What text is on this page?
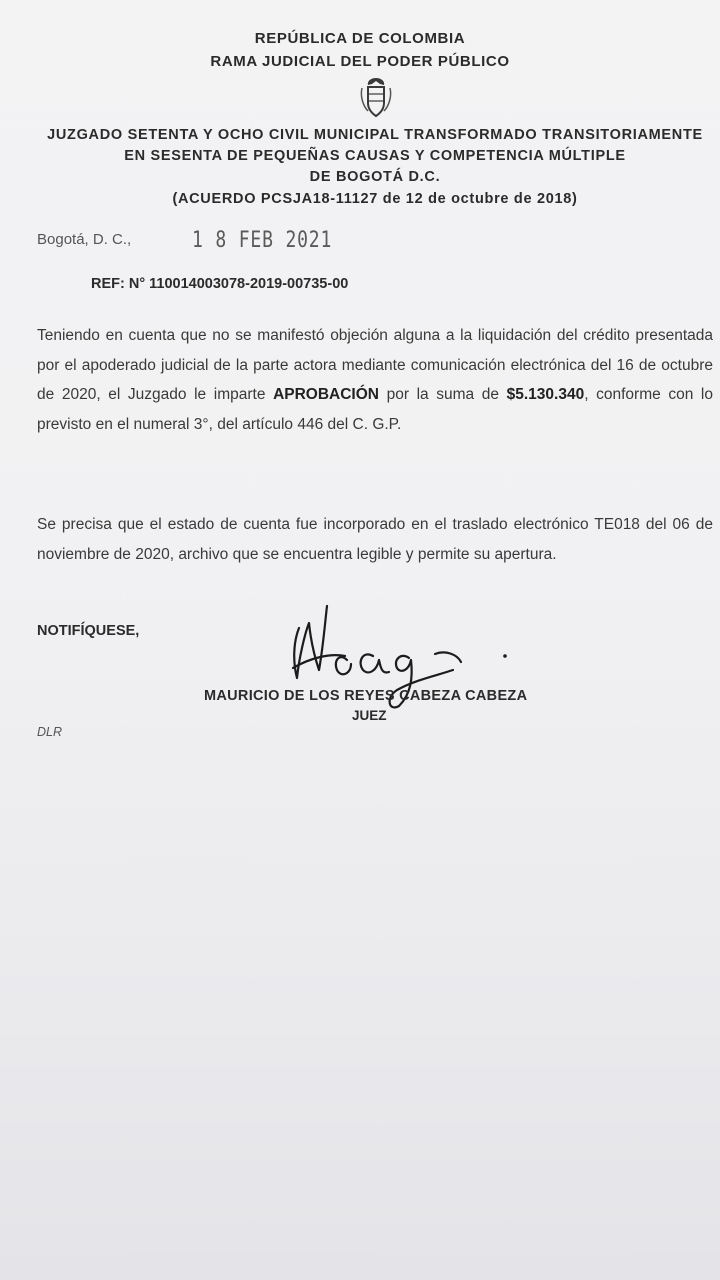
REPÚBLICA DE COLOMBIA
RAMA JUDICIAL DEL PODER PÚBLICO
JUZGADO SETENTA Y OCHO CIVIL MUNICIPAL TRANSFORMADO TRANSITORIAMENTE
EN SESENTA DE PEQUEÑAS CAUSAS Y COMPETENCIA MÚLTIPLE
DE BOGOTÁ D.C.
(ACUERDO PCSJA18-11127 de 12 de octubre de 2018)
Bogotá, D. C.,	1 8 FEB 2021
REF: N° 110014003078-2019-00735-00
Teniendo en cuenta que no se manifestó objeción alguna a la liquidación del crédito presentada por el apoderado judicial de la parte actora mediante comunicación electrónica del 16 de octubre de 2020, el Juzgado le imparte APROBACIÓN por la suma de $5.130.340, conforme con lo previsto en el numeral 3°, del artículo 446 del C. G.P.
Se precisa que el estado de cuenta fue incorporado en el traslado electrónico TE018 del 06 de noviembre de 2020, archivo que se encuentra legible y permite su apertura.
NOTIFÍQUESE,
MAURICIO DE LOS REYES CABEZA CABEZA
JUEZ
DLR
